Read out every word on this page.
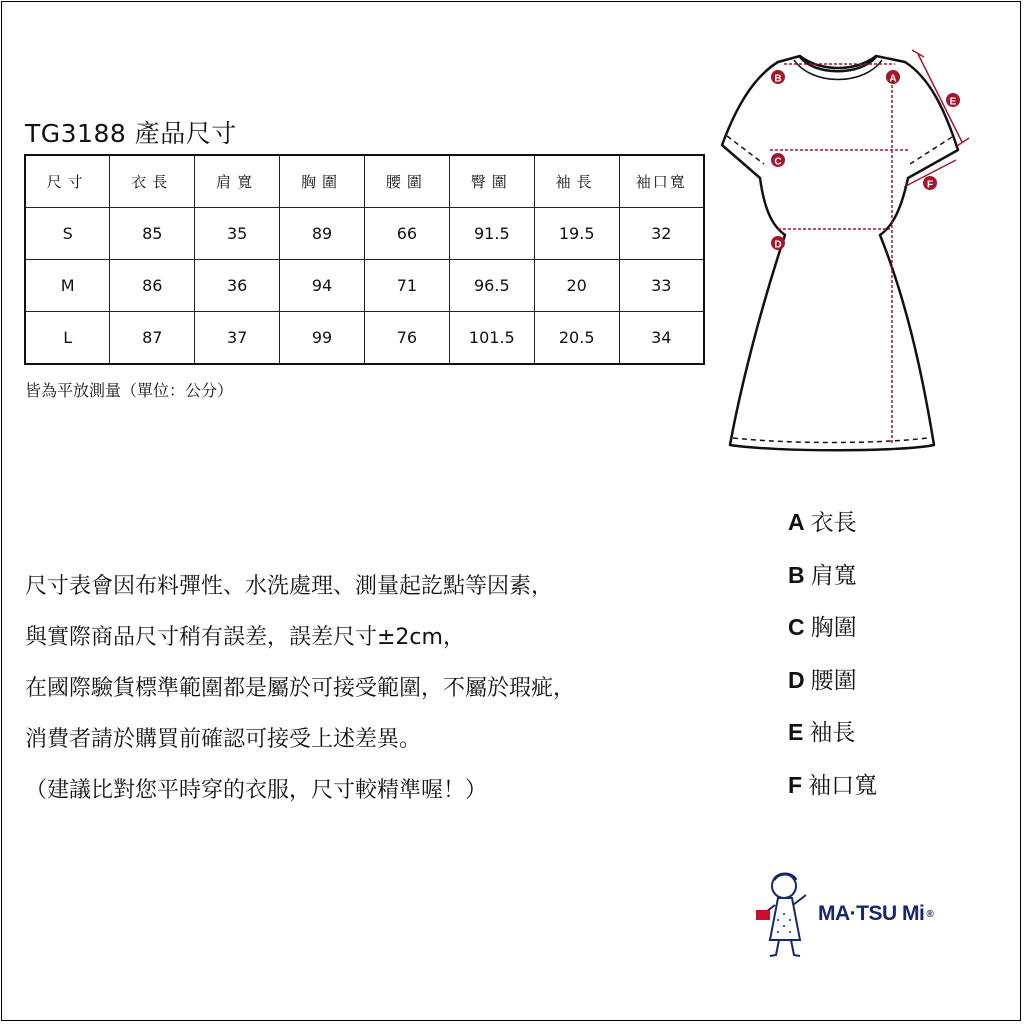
TG3188 產品尺寸
尺寸	衣長	肩寬	胸圍	腰圍	臀圍	袖長	袖口寬
S	85	35	89	66	91.5	19.5	32
M	86	36	94	71	96.5	20	33
L	87	37	99	76	101.5	20.5	34
皆為平放測量（單位：公分）
尺寸表會因布料彈性、水洗處理、測量起訖點等因素，
與實際商品尺寸稍有誤差，誤差尺寸±2cm，
在國際驗貨標準範圍都是屬於可接受範圍，不屬於瑕疵，
消費者請於購買前確認可接受上述差異。
（建議比對您平時穿的衣服，尺寸較精準喔！）
A 衣長
B 肩寬
C 胸圍
D 腰圍
E 袖長
F 袖口寬
A
B
C
D
E
F
MA·TSU Mi ®
